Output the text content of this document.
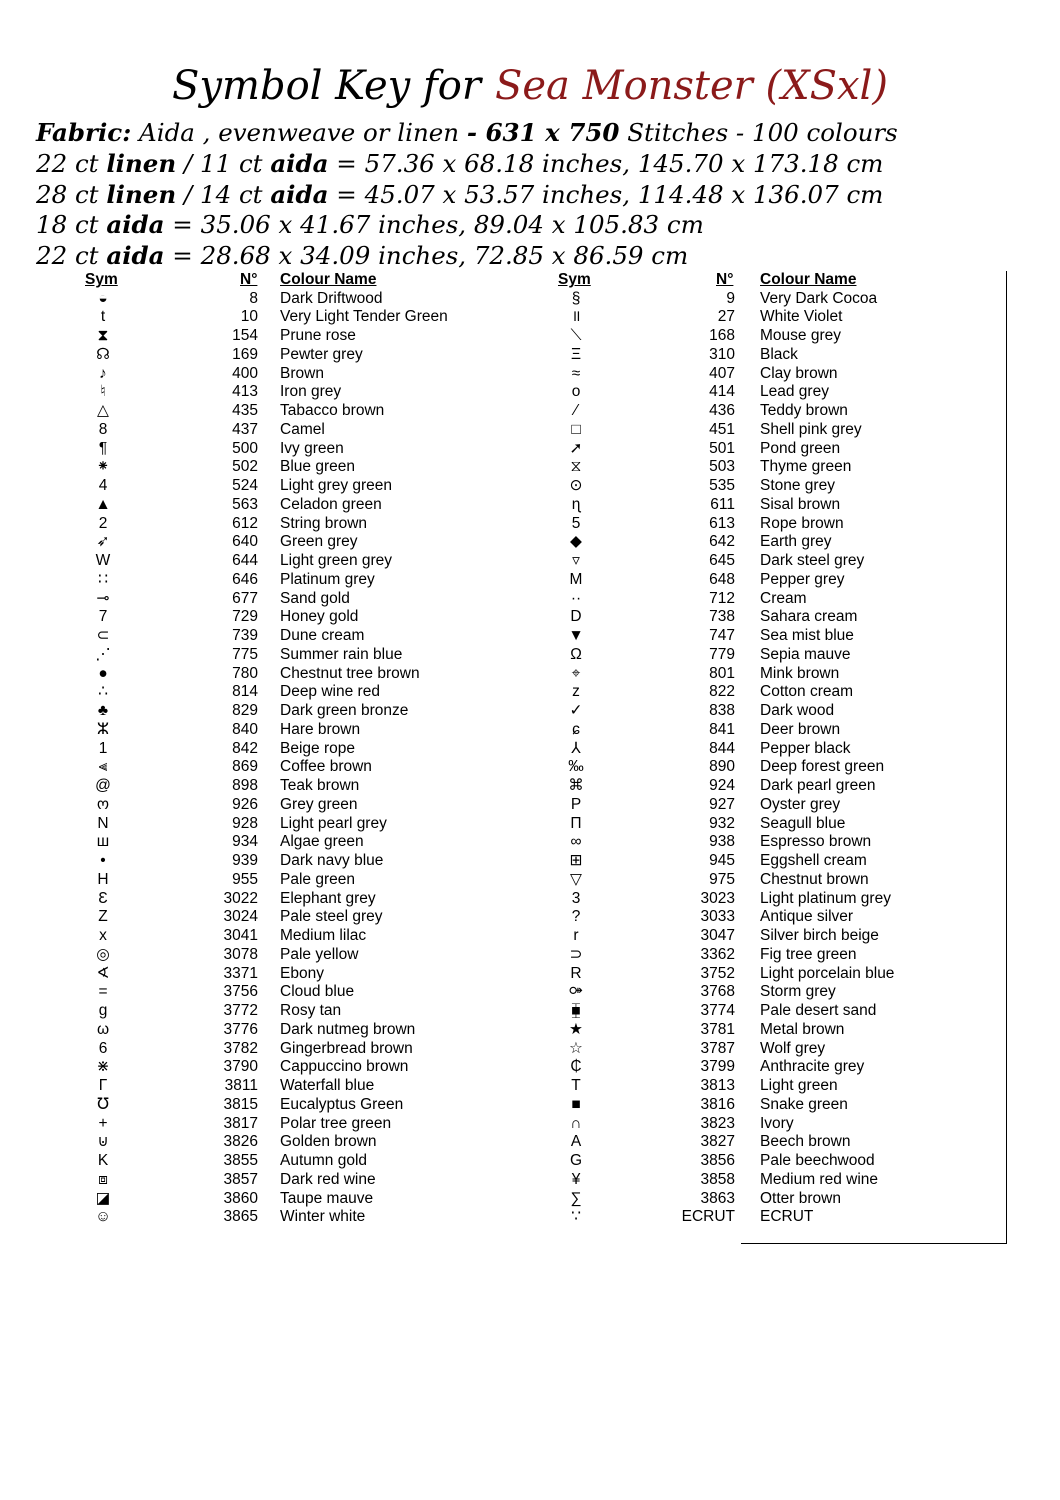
Symbol Key for Sea Monster (XSxl)
Fabric: Aida , evenweave or linen - 631 x 750 Stitches - 100 colours
22 ct linen / 11 ct aida = 57.36 x 68.18 inches, 145.70 x 173.18 cm
28 ct linen / 14 ct aida = 45.07 x 53.57 inches, 114.48 x 136.07 cm
18 ct aida = 35.06 x 41.67 inches, 89.04 x 105.83 cm
22 ct aida = 28.68 x 34.09 inches, 72.85 x 86.59 cm
Sym	N° Colour Name	Sym	N° Colour Name
◒	8 Dark Driftwood
t	10 Very Light Tender Green
⧗	154 Prune rose
☊	169 Pewter grey
♪	400 Brown
♮	413 Iron grey
△	435 Tabacco brown
8	437 Camel
¶	500 Ivy green
⁕	502 Blue green
4	524 Light grey green
▲	563 Celadon green
2	612 String brown
➶	640 Green grey
W	644 Light green grey
∷	646 Platinum grey
⊸	677 Sand gold
7	729 Honey gold
⊂	739 Dune cream
⋰	775 Summer rain blue
●	780 Chestnut tree brown
∴	814 Deep wine red
♣	829 Dark green bronze
ⵣ	840 Hare brown
1	842 Beige rope
⫷	869 Coffee brown
@	898 Teak brown
ო	926 Grey green
N	928 Light pearl grey
ш	934 Algae green
•	939 Dark navy blue
H	955 Pale green
Ɛ	3022 Elephant grey
Z	3024 Pale steel grey
x	3041 Medium lilac
◎	3078 Pale yellow
∢	3371 Ebony
=	3756 Cloud blue
g	3772 Rosy tan
ω	3776 Dark nutmeg brown
6	3782 Gingerbread brown
⋇	3790 Cappuccino brown
Γ	3811 Waterfall blue
℧	3815 Eucalyptus Green
+	3817 Polar tree green
⊍	3826 Golden brown
K	3855 Autumn gold
⧈	3857 Dark red wine
◪	3860 Taupe mauve
☺	3865 Winter white
§	9 Very Dark Cocoa
॥	27 White Violet
⟍	168 Mouse grey
Ξ	310 Black
≈	407 Clay brown
o	414 Lead grey
⁄	436 Teddy brown
□	451 Shell pink grey
➚	501 Pond green
⧖	503 Thyme green
⊙	535 Stone grey
ɳ	611 Sisal brown
5	613 Rope brown
◆	642 Earth grey
▿	645 Dark steel grey
M	648 Pepper grey
··	712 Cream
D	738 Sahara cream
▼	747 Sea mist blue
Ω	779 Sepia mauve
⌖	801 Mink brown
z	822 Cotton cream
✓	838 Dark wood
ɕ	841 Deer brown
⅄	844 Pepper black
‰	890 Deep forest green
⌘	924 Dark pearl green
P	927 Oyster grey
Π	932 Seagull blue
∞	938 Espresso brown
⊞	945 Eggshell cream
▽	975 Chestnut brown
3	3023 Light platinum grey
?	3033 Antique silver
r	3047 Silver birch beige
⊃	3362 Fig tree green
R	3752 Light porcelain blue
⚩	3768 Storm grey
⧯	3774 Pale desert sand
★	3781 Metal brown
☆	3787 Wolf grey
₵	3799 Anthracite grey
T	3813 Light green
■	3816 Snake green
∩	3823 Ivory
A	3827 Beech brown
G	3856 Pale beechwood
¥	3858 Medium red wine
∑	3863 Otter brown
∵	ECRUT ECRUT
